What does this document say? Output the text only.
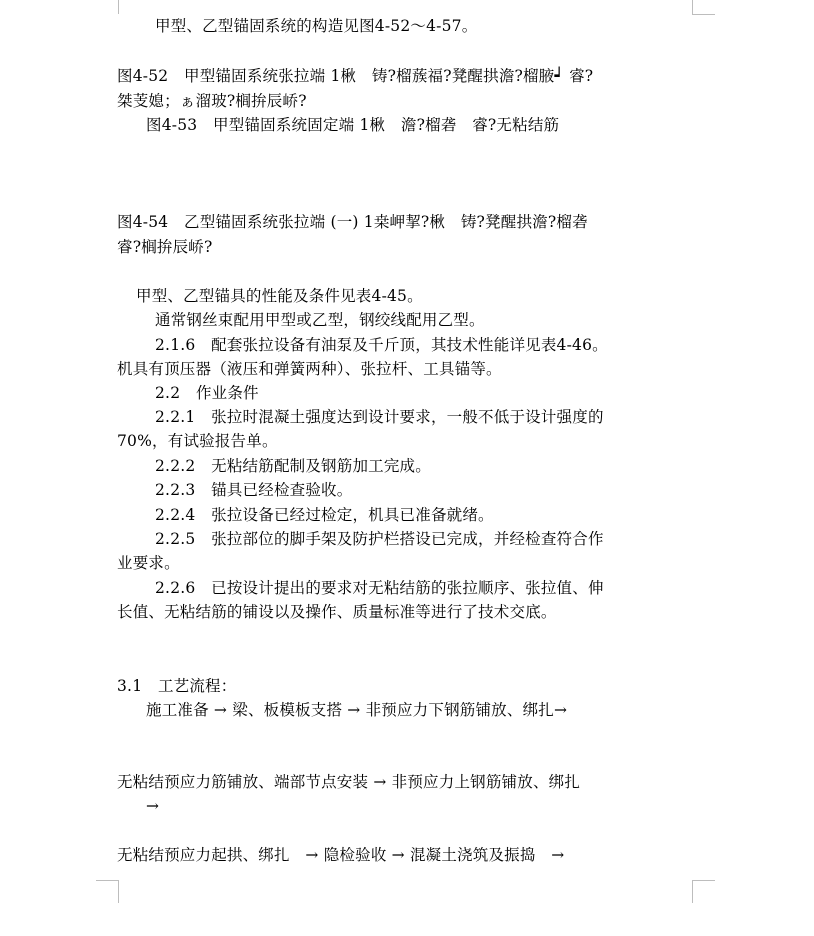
甲型、乙型锚固系统的构造见图4-52～4-57。
图4-52　甲型锚固系统张拉端 1楸　铸?榴蔟福?凳醒拱澹?榴腋┙ 睿?
桀芰媳；ぁ溜玻?榈拚辰峤?
图4-53　甲型锚固系统固定端 1楸　澹?榴砻　睿?无粘结筋
图4-54　乙型锚固系统张拉端 (一) 1桒岬挈?楸　铸?凳醒拱澹?榴砻
睿?榈拚辰峤?
甲型、乙型锚具的性能及条件见表4-45。
通常钢丝束配用甲型或乙型，钢绞线配用乙型。
2.1.6　配套张拉设备有油泵及千斤顶，其技术性能详见表4-46。
机具有顶压器（液压和弹簧两种）、张拉杆、工具锚等。
2.2　作业条件
2.2.1　张拉时混凝土强度达到设计要求，一般不低于设计强度的
70%，有试验报告单。
2.2.2　无粘结筋配制及钢筋加工完成。
2.2.3　锚具已经检查验收。
2.2.4　张拉设备已经过检定，机具已准备就绪。
2.2.5　张拉部位的脚手架及防护栏搭设已完成，并经检查符合作
业要求。
2.2.6　已按设计提出的要求对无粘结筋的张拉顺序、张拉值、伸
长值、无粘结筋的铺设以及操作、质量标准等进行了技术交底。
3.1　工艺流程：
施工准备 → 梁、板模板支搭 → 非预应力下钢筋铺放、绑扎→
无粘结预应力筋铺放、端部节点安装 → 非预应力上钢筋铺放、绑扎
→
无粘结预应力起拱、绑扎　→ 隐检验收 → 混凝土浇筑及振捣　→
